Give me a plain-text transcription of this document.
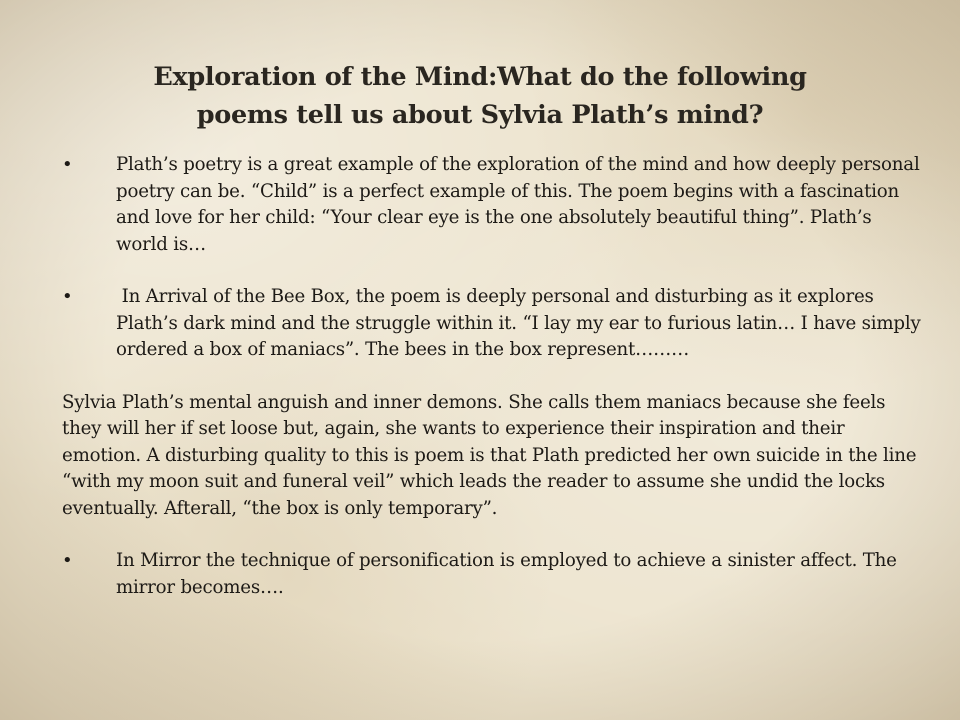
Exploration of the Mind:What do the following
poems tell us about Sylvia Plath’s mind?

•	Plath’s poetry is a great example of the exploration of the mind and how deeply personal poetry can be. “Child” is a perfect example of this. The poem begins with a fascination and love for her child: “Your clear eye is the one absolutely beautiful thing”. Plath’s world is…

•	In Arrival of the Bee Box, the poem is deeply personal and disturbing as it explores Plath’s dark mind and the struggle within it. “I lay my ear to furious latin… I have simply ordered a box of maniacs”. The bees in the box represent………

Sylvia Plath’s mental anguish and inner demons. She calls them maniacs because she feels they will her if set loose but, again, she wants to experience their inspiration and their emotion. A disturbing quality to this is poem is that Plath predicted her own suicide in the line “with my moon suit and funeral veil” which leads the reader to assume she undid the locks eventually. Afterall, “the box is only temporary”.

•	In Mirror the technique of personification is employed to achieve a sinister affect. The mirror becomes….
